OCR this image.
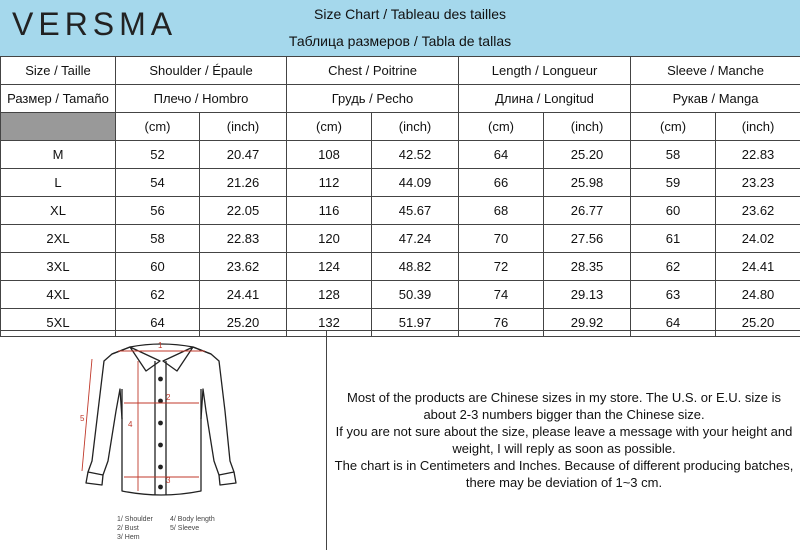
VERSMA	Size Chart / Tableau des tailles
Таблица размеров / Tabla de tallas
Size / Taille	Shoulder / Épaule		Chest / Poitrine		Length / Longueur		Sleeve / Manche	
Размер / Tamaño	Плечо / Hombro		Грудь / Pecho		Длина / Longitud		Рукав / Manga	
	(cm)	(inch)	(cm)	(inch)	(cm)	(inch)	(cm)	(inch)
M	52	20.47	108	42.52	64	25.20	58	22.83
L	54	21.26	112	44.09	66	25.98	59	23.23
XL	56	22.05	116	45.67	68	26.77	60	23.62
2XL	58	22.83	120	47.24	70	27.56	61	24.02
3XL	60	23.62	124	48.82	72	28.35	62	24.41
4XL	62	24.41	128	50.39	74	29.13	63	24.80
5XL	64	25.20	132	51.97	76	29.92	64	25.20
1
2
3
4
5
1/ Shoulder
2/ Bust
3/ Hem
4/ Body length
5/ Sleeve
Most of the products are Chinese sizes in my store. The U.S. or E.U. size is
about 2-3 numbers bigger than the Chinese size.
If you are not sure about the size, please leave a message with your height and
weight, I will reply as soon as possible.
The chart is in Centimeters and Inches. Because of different producing batches,
there may be deviation of 1~3 cm.
